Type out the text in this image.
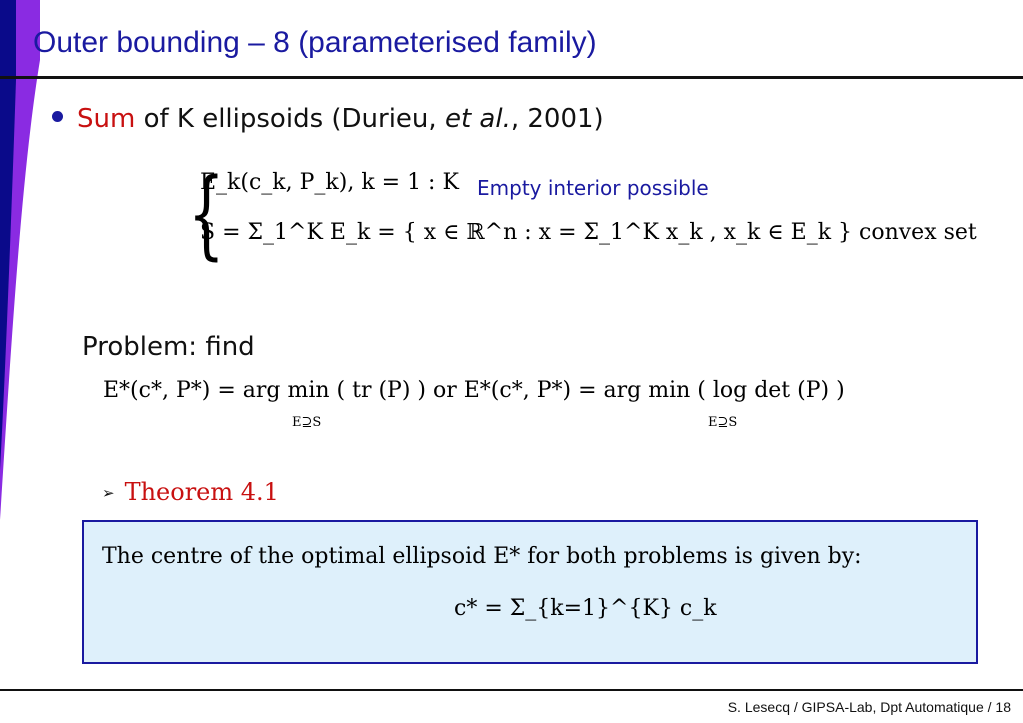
Outer bounding – 8 (parameterised family)
Sum of K ellipsoids (Durieu, et al., 2001)
{
E_k(c_k, P_k), k = 1 : K
S = Σ_1^K E_k = { x ∈ ℝ^n : x = Σ_1^K x_k , x_k ∈ E_k } convex set
Empty interior possible
Problem: find
E*(c*, P*) = arg min ( tr (P) ) or E*(c*, P*) = arg min ( log det (P) )
E⊇S	E⊇S
➢ Theorem 4.1
The centre of the optimal ellipsoid E* for both problems is given by:
c* = Σ_{k=1}^{K} c_k
S. Lesecq / GIPSA-Lab, Dpt Automatique / 18
